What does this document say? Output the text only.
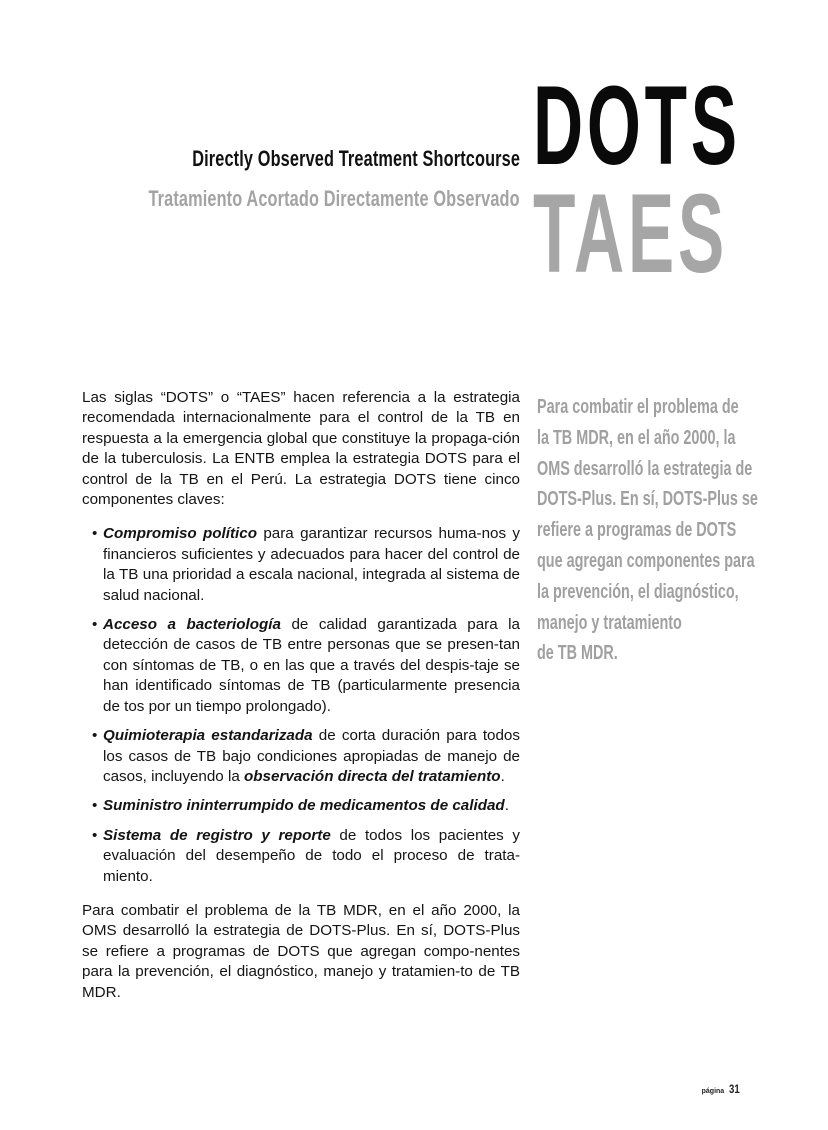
Directly Observed Treatment Shortcourse
Tratamiento Acortado Directamente Observado
DOTS
TAES

Las siglas “DOTS” o “TAES” hacen referencia a la estrategia recomendada internacionalmente para el control de la TB en respuesta a la emergencia global que constituye la propaga-ción de la tuberculosis. La ENTB emplea la estrategia DOTS para el control de la TB en el Perú. La estrategia DOTS tiene cinco componentes claves:

• Compromiso político para garantizar recursos huma-nos y financieros suficientes y adecuados para hacer del control de la TB una prioridad a escala nacional, integrada al sistema de salud nacional.
• Acceso a bacteriología de calidad garantizada para la detección de casos de TB entre personas que se presen-tan con síntomas de TB, o en las que a través del despis-taje se han identificado síntomas de TB (particularmente presencia de tos por un tiempo prolongado).
• Quimioterapia estandarizada de corta duración para todos los casos de TB bajo condiciones apropiadas de manejo de casos, incluyendo la observación directa del tratamiento.
• Suministro ininterrumpido de medicamentos de calidad.
• Sistema de registro y reporte de todos los pacientes y evaluación del desempeño de todo el proceso de trata-miento.

Para combatir el problema de la TB MDR, en el año 2000, la OMS desarrolló la estrategia de DOTS-Plus. En sí, DOTS-Plus se refiere a programas de DOTS que agregan compo-nentes para la prevención, el diagnóstico, manejo y tratamien-to de TB MDR.

Para combatir el problema de
la TB MDR, en el año 2000, la
OMS desarrolló la estrategia de
DOTS-Plus. En sí, DOTS-Plus se
refiere a programas de DOTS
que agregan componentes para
la prevención, el diagnóstico,
manejo y tratamiento
de TB MDR.
página 31
